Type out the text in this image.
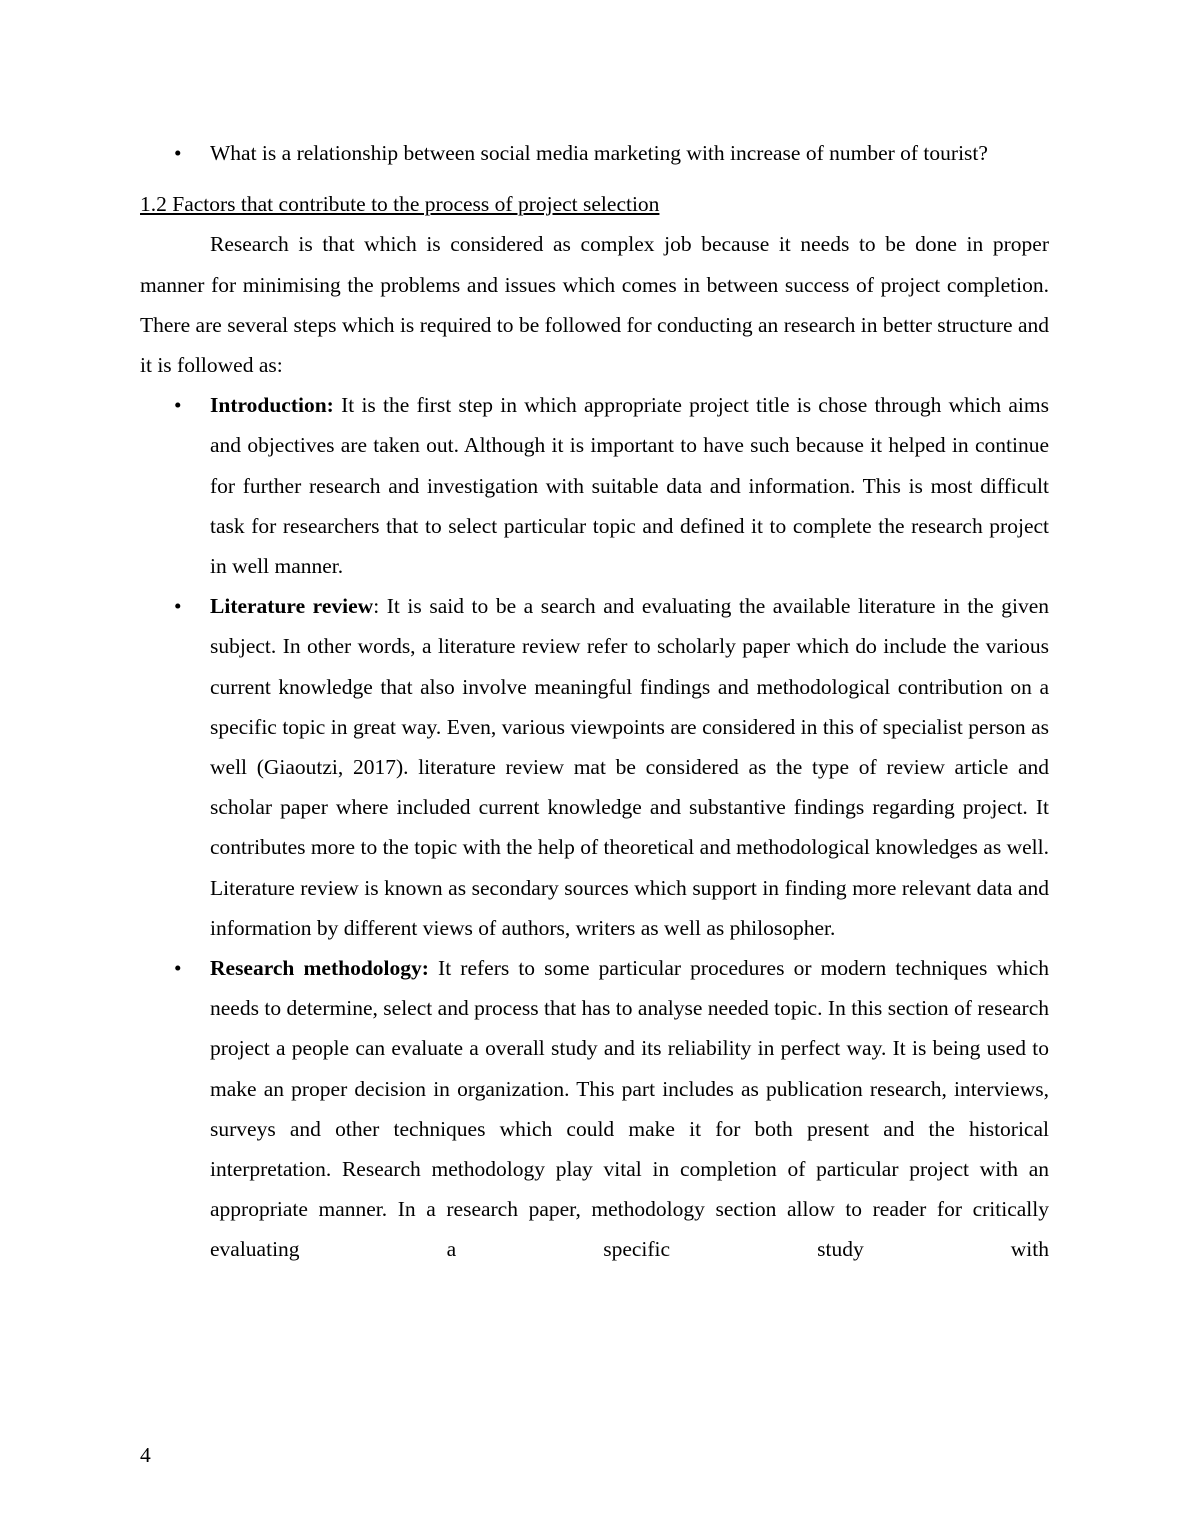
• What is a relationship between social media marketing with increase of number of tourist?
1.2 Factors that contribute to the process of project selection
Research is that which is considered as complex job because it needs to be done in proper manner for minimising the problems and issues which comes in between success of project completion. There are several steps which is required to be followed for conducting an research in better structure and it is followed as:
• Introduction: It is the first step in which appropriate project title is chose through which aims and objectives are taken out. Although it is important to have such because it helped in continue for further research and investigation with suitable data and information. This is most difficult task for researchers that to select particular topic and defined it to complete the research project in well manner.
• Literature review: It is said to be a search and evaluating the available literature in the given subject. In other words, a literature review refer to scholarly paper which do include the various current knowledge that also involve meaningful findings and methodological contribution on a specific topic in great way. Even, various viewpoints are considered in this of specialist person as well (Giaoutzi, 2017). literature review mat be considered as the type of review article and scholar paper where included current knowledge and substantive findings regarding project. It contributes more to the topic with the help of theoretical and methodological knowledges as well. Literature review is known as secondary sources which support in finding more relevant data and information by different views of authors, writers as well as philosopher.
• Research methodology: It refers to some particular procedures or modern techniques which needs to determine, select and process that has to analyse needed topic. In this section of research project a people can evaluate a overall study and its reliability in perfect way. It is being used to make an proper decision in organization. This part includes as publication research, interviews, surveys and other techniques which could make it for both present and the historical interpretation. Research methodology play vital in completion of particular project with an appropriate manner. In a research paper, methodology section allow to reader for critically evaluating a specific study with
4
